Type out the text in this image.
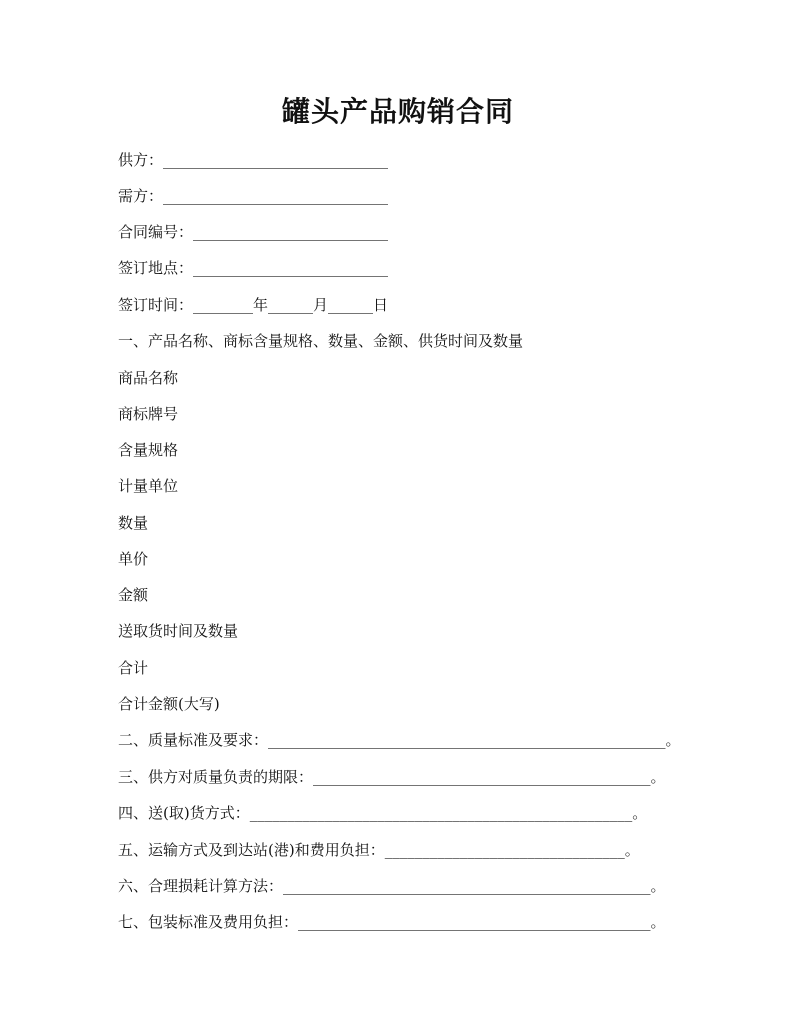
罐头产品购销合同
供方：______________________________
需方：______________________________
合同编号：__________________________
签订地点：__________________________
签订时间：________年______月______日
一、产品名称、商标含量规格、数量、金额、供货时间及数量
商品名称
商标牌号
含量规格
计量单位
数量
单价
金额
送取货时间及数量
合计
合计金额(大写)
二、质量标准及要求：_____________________________________________________。
三、供方对质量负责的期限：_____________________________________________。
四、送(取)货方式：___________________________________________________。
五、运输方式及到达站(港)和费用负担：________________________________。
六、合理损耗计算方法：_________________________________________________。
七、包装标准及费用负担：_______________________________________________。
